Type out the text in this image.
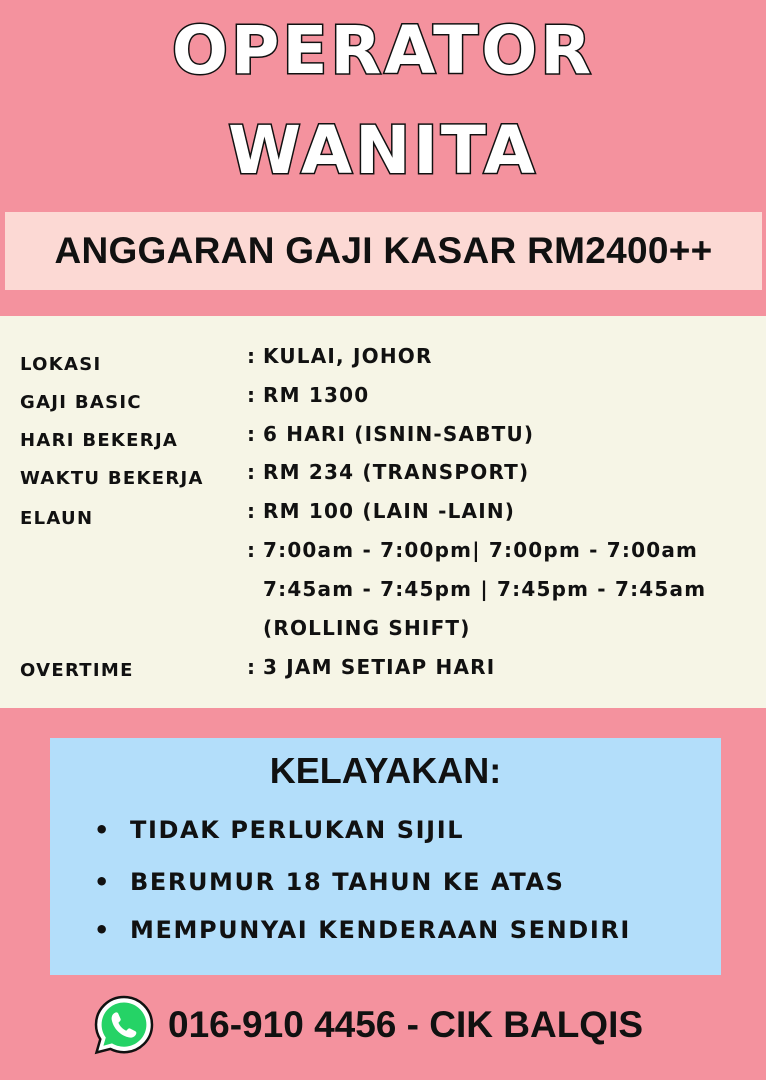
OPERATOR
WANITA
ANGGARAN GAJI KASAR RM2400++
LOKASI
GAJI BASIC
HARI BEKERJA
WAKTU BEKERJA
ELAUN
OVERTIME
: KULAI, JOHOR
: RM 1300
: 6 HARI (ISNIN-SABTU)
: RM 234 (TRANSPORT)
: RM 100 (LAIN -LAIN)
: 7:00am - 7:00pm| 7:00pm - 7:00am
7:45am - 7:45pm | 7:45pm - 7:45am
(ROLLING SHIFT)
: 3 JAM SETIAP HARI
KELAYAKAN:
• TIDAK PERLUKAN SIJIL
• BERUMUR 18 TAHUN KE ATAS
• MEMPUNYAI KENDERAAN SENDIRI
016-910 4456 - CIK BALQIS
